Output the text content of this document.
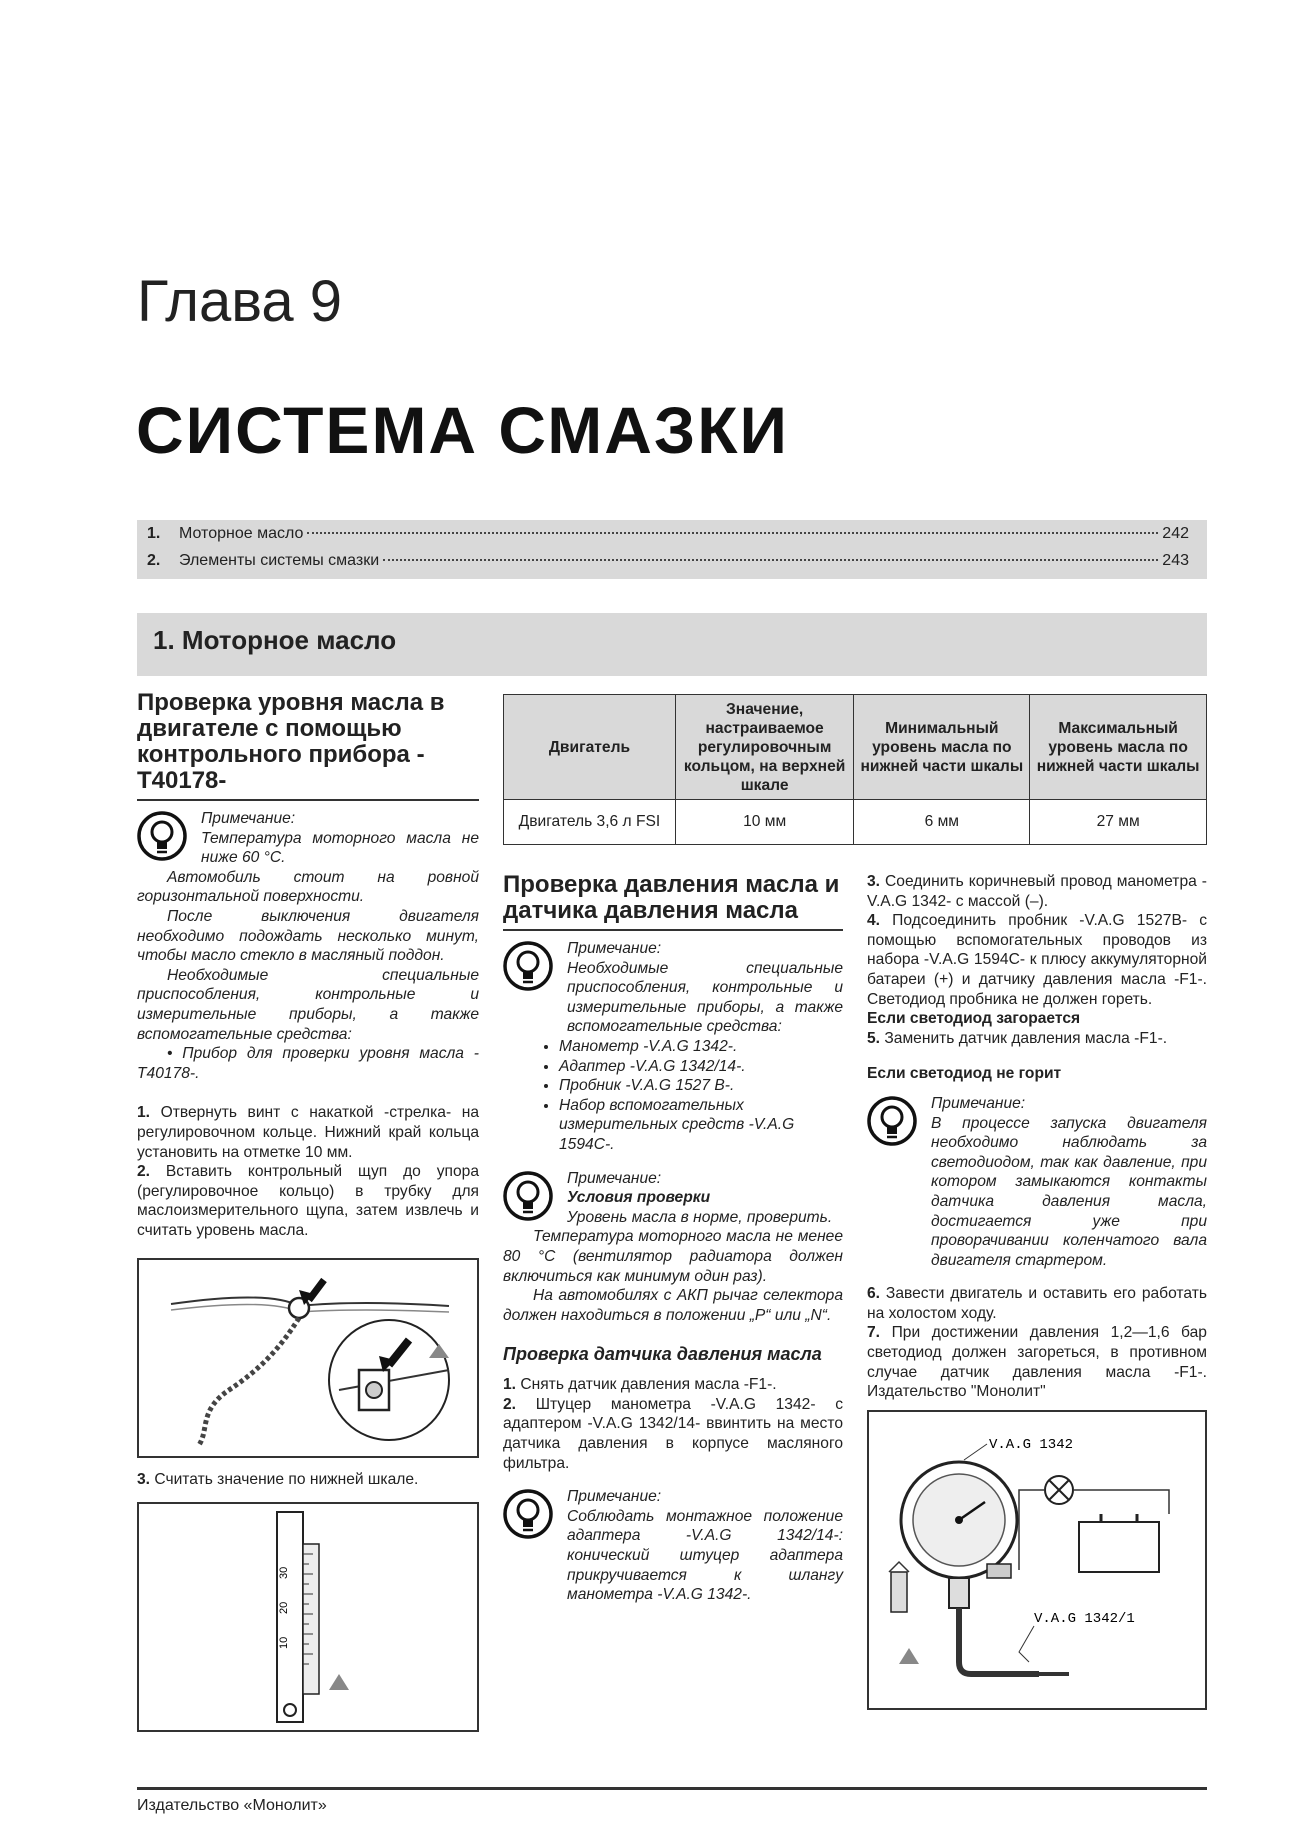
Глава 9
СИСТЕМА СМАЗКИ
1.	Моторное масло	242
2.	Элементы системы смазки	243
1. Моторное масло
Проверка уровня масла в двигателе с помощью контрольного прибора -T40178-

Примечание:

Температура моторного масла не ниже 60 °С.

Автомобиль стоит на ровной горизонтальной поверхности.

После выключения двигателя необходимо подождать несколько минут, чтобы масло стекло в масляный поддон.

Необходимые специальные приспособления, контрольные и измерительные приборы, а также вспомогательные средства:

• Прибор для проверки уровня масла -T40178-.

1. Отвернуть винт с накаткой -стрелка- на регулировочном кольце. Нижний край кольца установить на отметке 10 мм.

2. Вставить контрольный щуп до упора (регулировочное кольцо) в трубку для маслоизмерительного щупа, затем извлечь и считать уровень масла.

3. Считать значение по нижней шкале.

30
20
10
Двигатель	Значение, настраиваемое регулировочным кольцом, на верхней шкале	Минимальный уровень масла по нижней части шкалы	Максимальный уровень масла по нижней части шкалы
Двигатель 3,6 л FSI	10 мм	6 мм	27 мм
Проверка давления масла и датчика давления масла

Примечание:

Необходимые специальные приспособления, контрольные и измерительные приборы, а также вспомогательные средства:

• Манометр -V.A.G 1342-.
• Адаптер -V.A.G 1342/14-.
• Пробник -V.A.G 1527 B-.
• Набор вспомогательных измерительных средств -V.A.G 1594C-.

Примечание:

Условия проверки

Уровень масла в норме, проверить.

Температура моторного масла не менее 80 °С (вентилятор радиатора должен включиться как минимум один раз).

На автомобилях с АКП рычаг селектора должен находиться в положении „P“ или „N“.

Проверка датчика давления масла

1. Снять датчик давления масла -F1-.

2. Штуцер манометра -V.A.G 1342- с адаптером -V.A.G 1342/14- ввинтить на место датчика давления в корпусе масляного фильтра.

Примечание:

Соблюдать монтажное положение адаптера -V.A.G 1342/14-: конический штуцер адаптера прикручивается к шлангу манометра -V.A.G 1342-.

3. Соединить коричневый провод манометра -V.A.G 1342- с массой (–).

4. Подсоединить пробник -V.A.G 1527B- с помощью вспомогательных проводов из набора -V.A.G 1594C- к плюсу аккумуляторной батареи (+) и датчику давления масла -F1-. Светодиод пробника не должен гореть.

Если светодиод загорается

5. Заменить датчик давления масла -F1-.

Если светодиод не горит

Примечание:

В процессе запуска двигателя необходимо наблюдать за светодиодом, так как давление, при котором замыкаются контакты датчика давления масла, достигается уже при проворачивании коленчатого вала двигателя стартером.

6. Завести двигатель и оставить его работать на холостом ходу.

7. При достижении давления 1,2—1,6 бар светодиод должен загореться, в противном случае датчик давления масла -F1-. Издательство "Монолит"

V.A.G 1342
V.A.G 1342/1
Издательство «Монолит»
